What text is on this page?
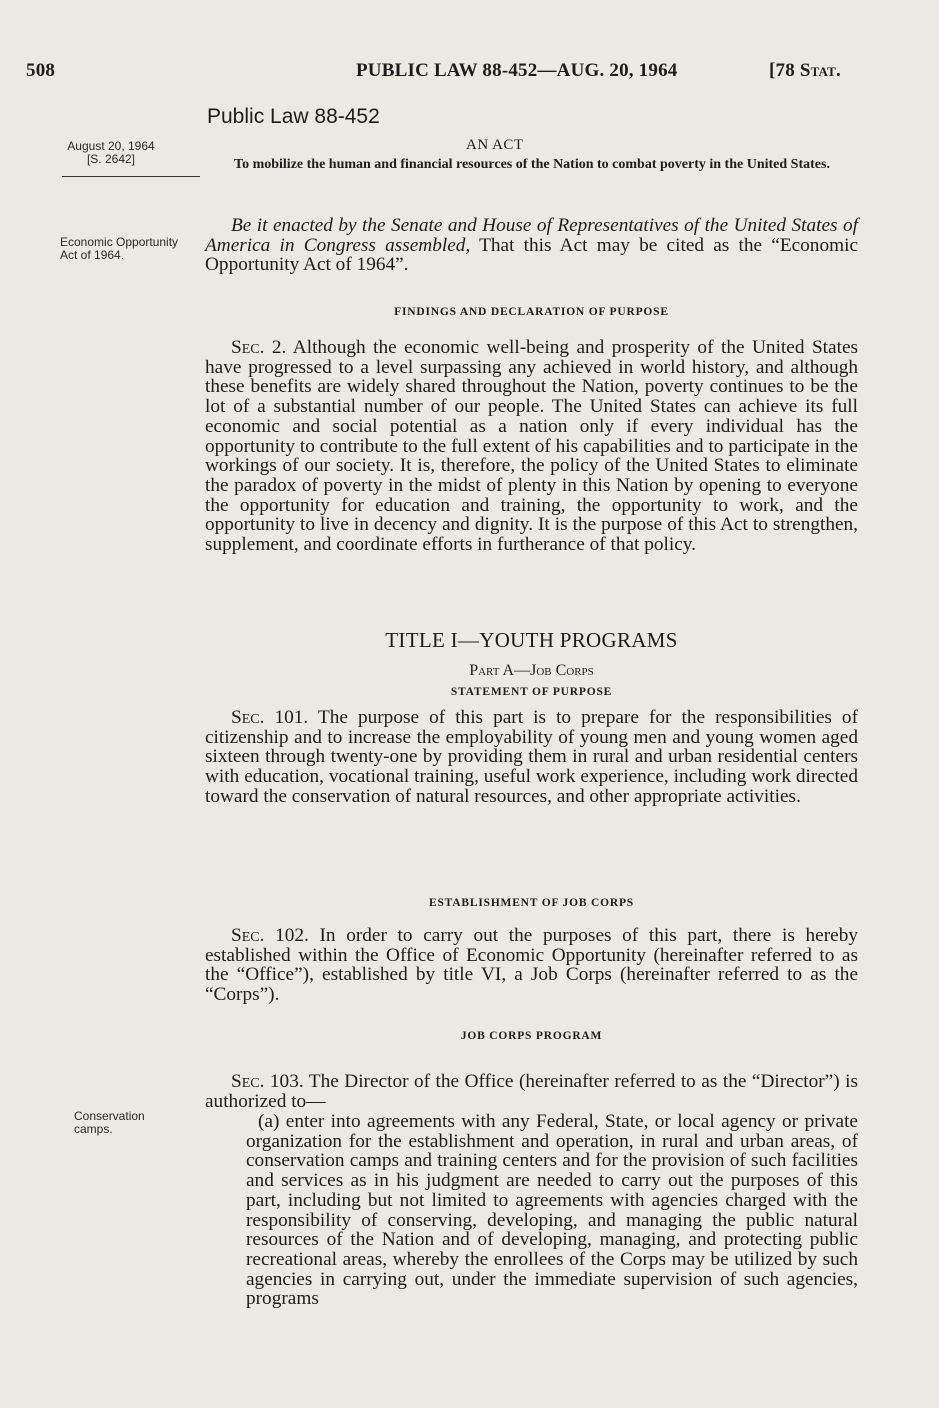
508	PUBLIC LAW 88-452—AUG. 20, 1964	[78 Stat.
Public Law 88-452
AN ACT
To mobilize the human and financial resources of the Nation to combat poverty in the United States.
August 20, 1964
[S. 2642]
Economic Opportunity Act of 1964.
Conservation camps.

Be it enacted by the Senate and House of Representatives of the United States of America in Congress assembled, That this Act may be cited as the “Economic Opportunity Act of 1964”.

FINDINGS AND DECLARATION OF PURPOSE

Sec. 2. Although the economic well-being and prosperity of the United States have progressed to a level surpassing any achieved in world history, and although these benefits are widely shared throughout the Nation, poverty continues to be the lot of a substantial number of our people. The United States can achieve its full economic and social potential as a nation only if every individual has the opportunity to contribute to the full extent of his capabilities and to participate in the workings of our society. It is, therefore, the policy of the United States to eliminate the paradox of poverty in the midst of plenty in this Nation by opening to everyone the opportunity for education and training, the opportunity to work, and the opportunity to live in decency and dignity. It is the purpose of this Act to strengthen, supplement, and coordinate efforts in furtherance of that policy.

TITLE I—YOUTH PROGRAMS
Part A—Job Corps
STATEMENT OF PURPOSE

Sec. 101. The purpose of this part is to prepare for the responsibilities of citizenship and to increase the employability of young men and young women aged sixteen through twenty-one by providing them in rural and urban residential centers with education, vocational training, useful work experience, including work directed toward the conservation of natural resources, and other appropriate activities.

ESTABLISHMENT OF JOB CORPS

Sec. 102. In order to carry out the purposes of this part, there is hereby established within the Office of Economic Opportunity (hereinafter referred to as the “Office”), established by title VI, a Job Corps (hereinafter referred to as the “Corps”).

JOB CORPS PROGRAM

Sec. 103. The Director of the Office (hereinafter referred to as the “Director”) is authorized to—

(a) enter into agreements with any Federal, State, or local agency or private organization for the establishment and operation, in rural and urban areas, of conservation camps and training centers and for the provision of such facilities and services as in his judgment are needed to carry out the purposes of this part, including but not limited to agreements with agencies charged with the responsibility of conserving, developing, and managing the public natural resources of the Nation and of developing, managing, and protecting public recreational areas, whereby the enrollees of the Corps may be utilized by such agencies in carrying out, under the immediate supervision of such agencies, programs
